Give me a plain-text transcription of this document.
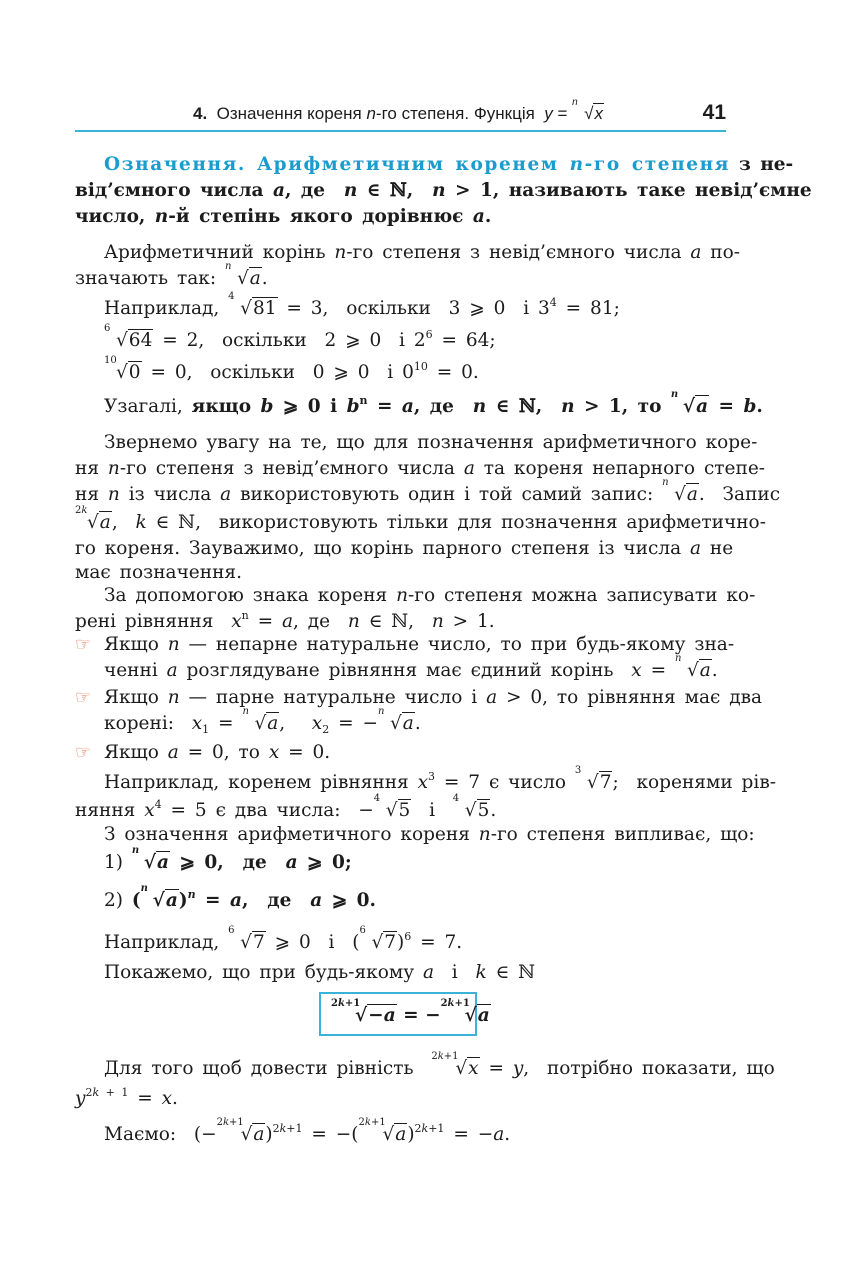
4.  Означення кореня n-го степеня. Функція  y =
n
√x	41
Означення. Арифметичним коренем n-го степеня з не-
від’ємного числа a, де  n ∈ ℕ,  n > 1, називають таке невід’ємне
число, n-й степінь якого дорівнює a.
Арифметичний корінь n-го степеня з невід’ємного числа a по-
значають так:
n
√a.
Наприклад,
4
√81 = 3,  оскільки  3 ⩾ 0  і $3^4 = 81$;
6
√64 = 2,  оскільки  2 ⩾ 0  і $2^6 = 64$;
10
√0 = 0,  оскільки  0 ⩾ 0  і $0^{10} = 0$.
Узагалі, якщо b ⩾ 0 і $b^n = a$, де  n ∈ ℕ,  n > 1, то
n
√a = b.
Звернемо увагу на те, що для позначення арифметичного коре-
ня n-го степеня з невід’ємного числа a та кореня непарного степе-
ня n із числа a використовують один і той самий запис:
n
√a.  Запис
2k
√a,  k ∈ ℕ,  використовують тільки для позначення арифметично-
го кореня. Зауважимо, що корінь парного степеня із числа a не
має позначення.
За допомогою знака кореня n-го степеня можна записувати ко-
рені рівняння  $x^n = a$, де  n ∈ ℕ,  n > 1.
☞ Якщо n — непарне натуральне число, то при будь-якому зна-
ченні a розглядуване рівняння має єдиний корінь  x =
n
√a.
☞ Якщо n — парне натуральне число і a > 0, то рівняння має два
корені:  $x_1$ =
n
√a,   $x_2$ = −
n
√a.
☞ Якщо a = 0, то x = 0.
Наприклад, коренем рівняння $x^3 = 7$ є число
3
√7;  коренями рів-
няння $x^4 = 5$ є два числа:  −
4
√5  і
4
√5.
З означення арифметичного кореня n-го степеня випливає, що:
1)
n
√a ⩾ 0,  де  a ⩾ 0;
2) (
n
√a)$^n$ = a,  де  a ⩾ 0.
Наприклад,
6
√7 ⩾ 0  і  (
6
√7)$^6$ = 7.
Покажемо, що при будь-якому a  і  k ∈ ℕ
2k+1
√−a = −
2k+1
√a
Для того щоб довести рівність
2k+1
√x = y,  потрібно показати, що
$y^{2k + 1} = x$.
Маємо:  (−
2k+1
√a)$^{2k+1}$ = −(
2k+1
√a)$^{2k+1}$ = −a.
